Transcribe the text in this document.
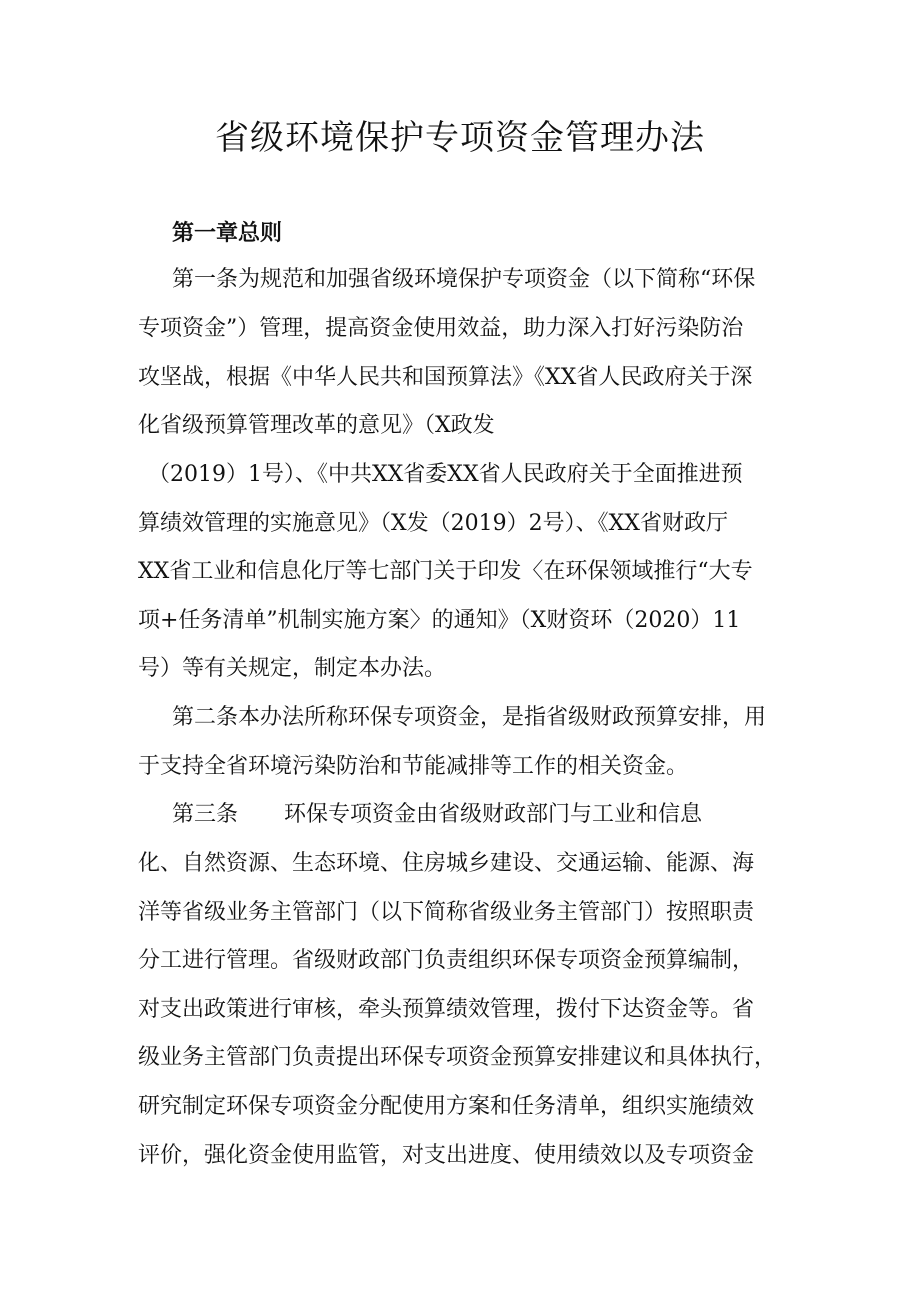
省级环境保护专项资金管理办法
第一章总则
第一条为规范和加强省级环境保护专项资金（以下简称“环保
专项资金”）管理，提高资金使用效益，助力深入打好污染防治
攻坚战，根据《中华人民共和国预算法》《XX省人民政府关于深
化省级预算管理改革的意见》（X政发
（2019）1号）、《中共XX省委XX省人民政府关于全面推进预
算绩效管理的实施意见》（X发（2019）2号）、《XX省财政厅
XX省工业和信息化厅等七部门关于印发〈在环保领域推行“大专
项+任务清单”机制实施方案〉的通知》（X财资环（2020）11
号）等有关规定，制定本办法。
第二条本办法所称环保专项资金，是指省级财政预算安排，用
于支持全省环境污染防治和节能减排等工作的相关资金。
第三条 环保专项资金由省级财政部门与工业和信息
化、自然资源、生态环境、住房城乡建设、交通运输、能源、海
洋等省级业务主管部门（以下简称省级业务主管部门）按照职责
分工进行管理。省级财政部门负责组织环保专项资金预算编制，
对支出政策进行审核，牵头预算绩效管理，拨付下达资金等。省
级业务主管部门负责提出环保专项资金预算安排建议和具体执行，
研究制定环保专项资金分配使用方案和任务清单，组织实施绩效
评价，强化资金使用监管，对支出进度、使用绩效以及专项资金
